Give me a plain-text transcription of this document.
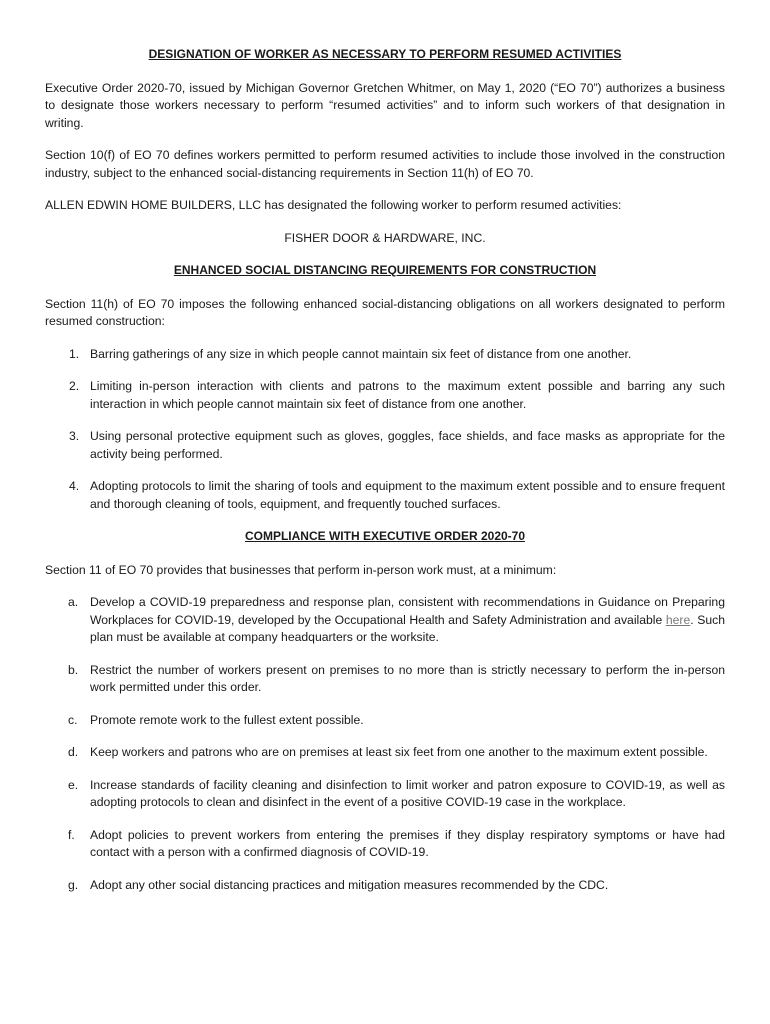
DESIGNATION OF WORKER AS NECESSARY TO PERFORM RESUMED ACTIVITIES

Executive Order 2020-70, issued by Michigan Governor Gretchen Whitmer, on May 1, 2020 (“EO 70”) authorizes a business to designate those workers necessary to perform “resumed activities” and to inform such workers of that designation in writing.

Section 10(f) of EO 70 defines workers permitted to perform resumed activities to include those involved in the construction industry, subject to the enhanced social-distancing requirements in Section 11(h) of EO 70.

ALLEN EDWIN HOME BUILDERS, LLC has designated the following worker to perform resumed activities:

FISHER DOOR & HARDWARE, INC.

ENHANCED SOCIAL DISTANCING REQUIREMENTS FOR CONSTRUCTION

Section 11(h) of EO 70 imposes the following enhanced social-distancing obligations on all workers designated to perform resumed construction:

1. Barring gatherings of any size in which people cannot maintain six feet of distance from one another.
2. Limiting in-person interaction with clients and patrons to the maximum extent possible and barring any such interaction in which people cannot maintain six feet of distance from one another.
3. Using personal protective equipment such as gloves, goggles, face shields, and face masks as appropriate for the activity being performed.
4. Adopting protocols to limit the sharing of tools and equipment to the maximum extent possible and to ensure frequent and thorough cleaning of tools, equipment, and frequently touched surfaces.
COMPLIANCE WITH EXECUTIVE ORDER 2020-70

Section 11 of EO 70 provides that businesses that perform in-person work must, at a minimum:

a. Develop a COVID-19 preparedness and response plan, consistent with recommendations in Guidance on Preparing Workplaces for COVID-19, developed by the Occupational Health and Safety Administration and available here. Such plan must be available at company headquarters or the worksite.
b. Restrict the number of workers present on premises to no more than is strictly necessary to perform the in-person work permitted under this order.
c. Promote remote work to the fullest extent possible.
d. Keep workers and patrons who are on premises at least six feet from one another to the maximum extent possible.
e. Increase standards of facility cleaning and disinfection to limit worker and patron exposure to COVID-19, as well as adopting protocols to clean and disinfect in the event of a positive COVID-19 case in the workplace.
f. Adopt policies to prevent workers from entering the premises if they display respiratory symptoms or have had contact with a person with a confirmed diagnosis of COVID-19.
g. Adopt any other social distancing practices and mitigation measures recommended by the CDC.
